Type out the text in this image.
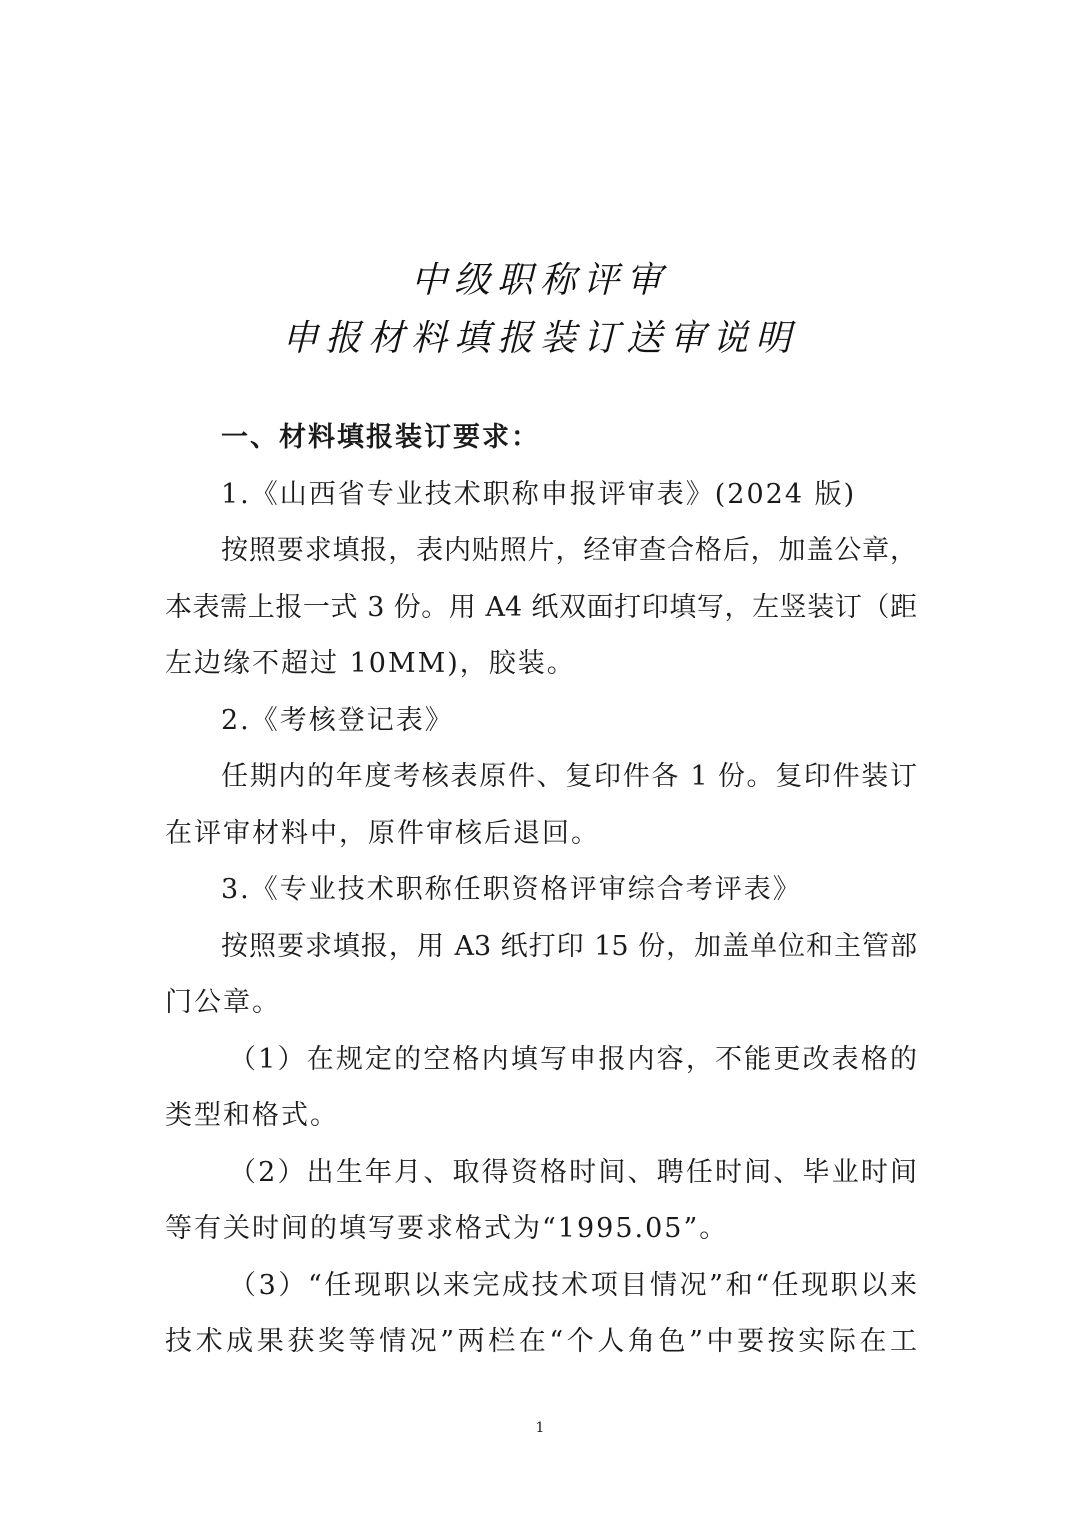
中级职称评审
申报材料填报装订送审说明
一、材料填报装订要求：
1.《山西省专业技术职称申报评审表》(2024 版)
按照要求填报，表内贴照片，经审查合格后，加盖公章，
本表需上报一式 3 份。用 A4 纸双面打印填写，左竖装订（距
左边缘不超过 10MM)，胶装。
2.《考核登记表》
任期内的年度考核表原件、复印件各 1 份。复印件装订
在评审材料中，原件审核后退回。
3.《专业技术职称任职资格评审综合考评表》
按照要求填报，用 A3 纸打印 15 份，加盖单位和主管部
门公章。
（1）在规定的空格内填写申报内容，不能更改表格的
类型和格式。
（2）出生年月、取得资格时间、聘任时间、毕业时间
等有关时间的填写要求格式为“1995.05”。
（3）“任现职以来完成技术项目情况”和“任现职以来
技术成果获奖等情况”两栏在“个人角色”中要按实际在工
1
